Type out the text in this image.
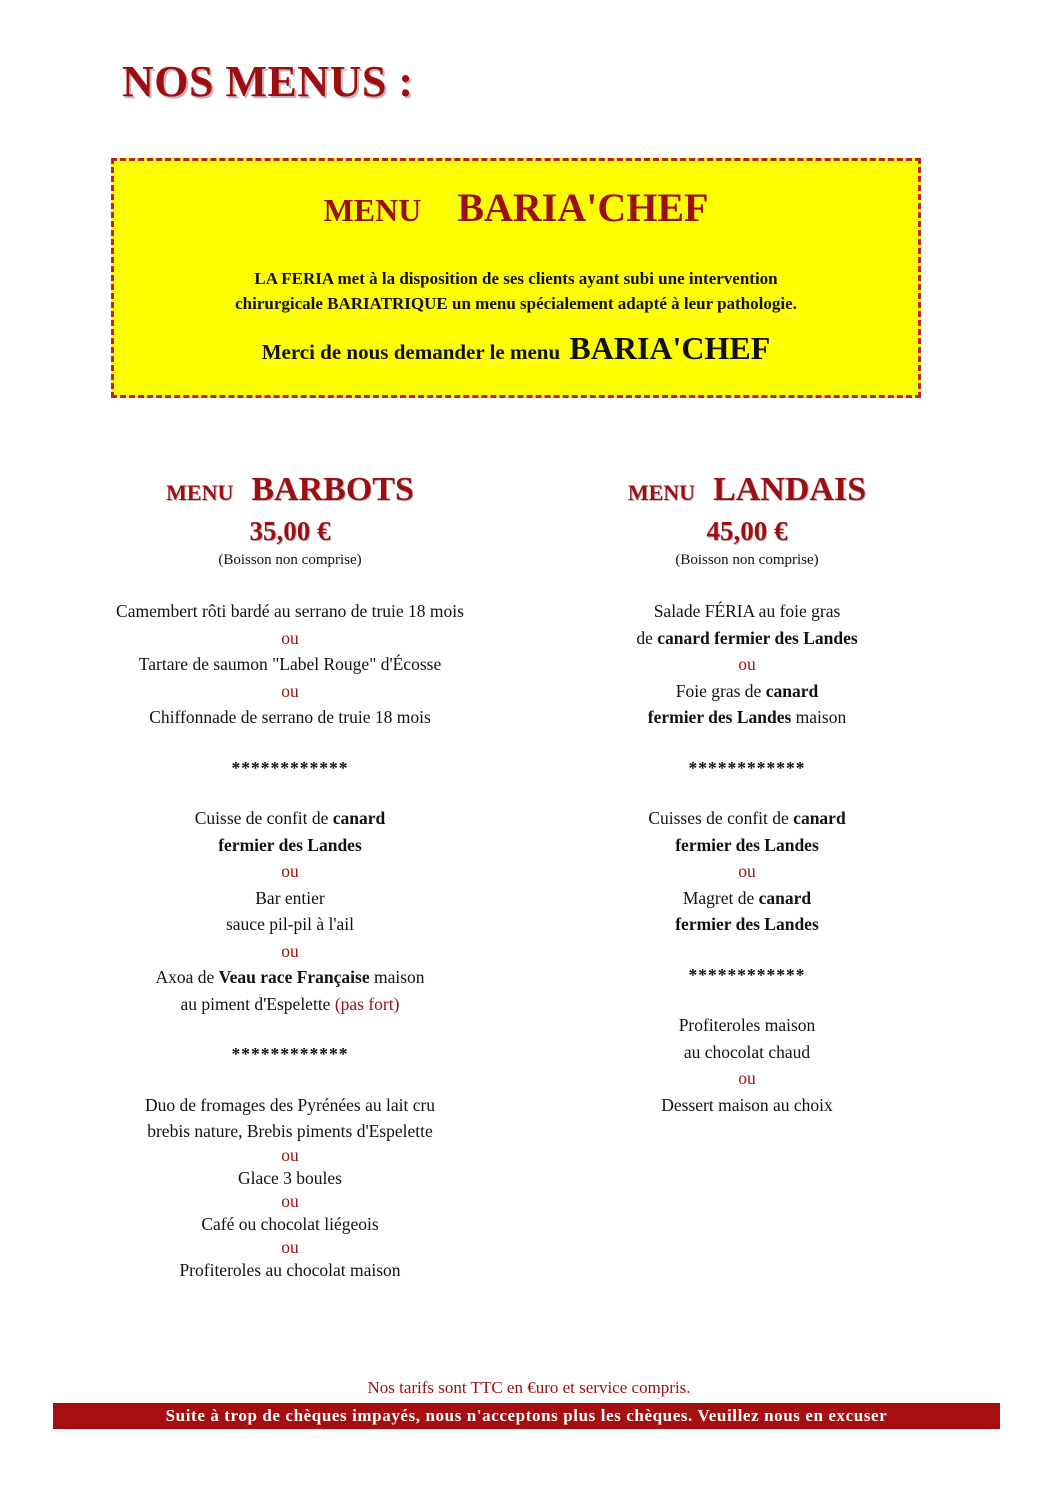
NOS MENUS :
MENU BARIA'CHEF
LA FERIA met à la disposition de ses clients ayant subi une intervention
chirurgicale BARIATRIQUE un menu spécialement adapté à leur pathologie.
Merci de nous demander le menu BARIA'CHEF
MENU BARBOTS
35,00 €
(Boisson non comprise)
Camembert rôti bardé au serrano de truie 18 mois
ou
Tartare de saumon "Label Rouge" d'Écosse
ou
Chiffonnade de serrano de truie 18 mois
************
Cuisse de confit de canard
fermier des Landes
ou
Bar entier
sauce pil-pil à l'ail
ou
Axoa de Veau race Française maison
au piment d'Espelette (pas fort)
************
Duo de fromages des Pyrénées au lait cru
brebis nature, Brebis piments d'Espelette
ou
Glace 3 boules
ou
Café ou chocolat liégeois
ou
Profiteroles au chocolat maison
MENU LANDAIS
45,00 €
(Boisson non comprise)
Salade FÉRIA au foie gras
de canard fermier des Landes
ou
Foie gras de canard
fermier des Landes maison
************
Cuisses de confit de canard
fermier des Landes
ou
Magret de canard
fermier des Landes
************
Profiteroles maison
au chocolat chaud
ou
Dessert maison au choix
Nos tarifs sont TTC en €uro et service compris.
Suite à trop de chèques impayés, nous n'acceptons plus les chèques. Veuillez nous en excuser
